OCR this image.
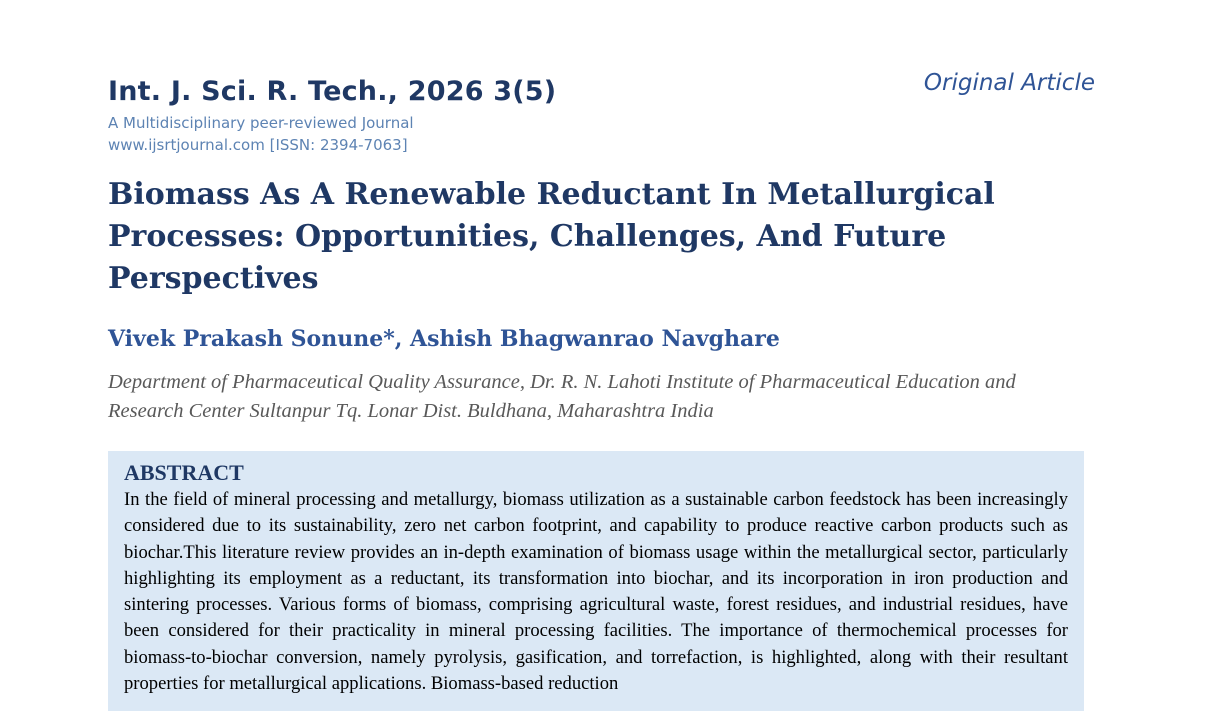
Int. J. Sci. R. Tech., 2026 3(5)

A Multidisciplinary peer-reviewed Journal

www.ijsrtjournal.com [ISSN: 2394-7063]

Original Article
Biomass As A Renewable Reductant In Metallurgical Processes: Opportunities, Challenges, And Future Perspectives

Vivek Prakash Sonune*, Ashish Bhagwanrao Navghare

Department of Pharmaceutical Quality Assurance, Dr. R. N. Lahoti Institute of Pharmaceutical Education and Research Center Sultanpur Tq. Lonar Dist. Buldhana, Maharashtra India

ABSTRACT

In the field of mineral processing and metallurgy, biomass utilization as a sustainable carbon feedstock has been increasingly considered due to its sustainability, zero net carbon footprint, and capability to produce reactive carbon products such as biochar.This literature review provides an in-depth examination of biomass usage within the metallurgical sector, particularly highlighting its employment as a reductant, its transformation into biochar, and its incorporation in iron production and sintering processes. Various forms of biomass, comprising agricultural waste, forest residues, and industrial residues, have been considered for their practicality in mineral processing facilities. The importance of thermochemical processes for biomass-to-biochar conversion, namely pyrolysis, gasification, and torrefaction, is highlighted, along with their resultant properties for metallurgical applications. Biomass-based reduction
